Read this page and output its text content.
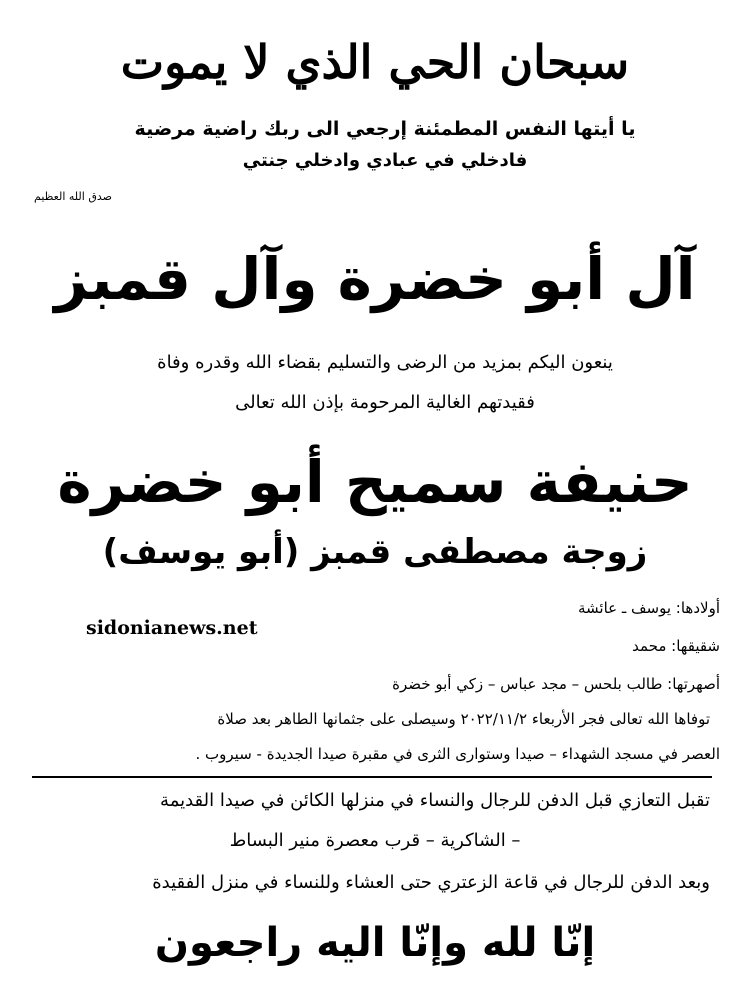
سبحان الحي الذي لا يموت
يا أيتها النفس المطمئنة إرجعي الى ربك راضية مرضية
فادخلي في عبادي وادخلي جنتي
صدق الله العظيم
آل أبو خضرة وآل قمبز
ينعون اليكم بمزيد من الرضى والتسليم بقضاء الله وقدره وفاة
فقيدتهم الغالية المرحومة بإذن الله تعالى
حنيفة سميح أبو خضرة
زوجة مصطفى قمبز (أبو يوسف)
أولادها: يوسف ـ عائشة
شقيقها: محمد
أصهرتها: طالب بلحس – مجد عباس – زكي أبو خضرة
sidonianews.net
توفاها الله تعالى فجر الأربعاء ٢٠٢٢/١١/٢ وسيصلى على جثمانها الطاهر بعد صلاة
العصر في مسجد الشهداء – صيدا وستوارى الثرى في مقبرة صيدا الجديدة - سيروب .
تقبل التعازي قبل الدفن للرجال والنساء في منزلها الكائن في صيدا القديمة
– الشاكرية – قرب معصرة منير البساط
وبعد الدفن للرجال في قاعة الزعتري حتى العشاء وللنساء في منزل الفقيدة
إنّا لله وإنّا اليه راجعون
